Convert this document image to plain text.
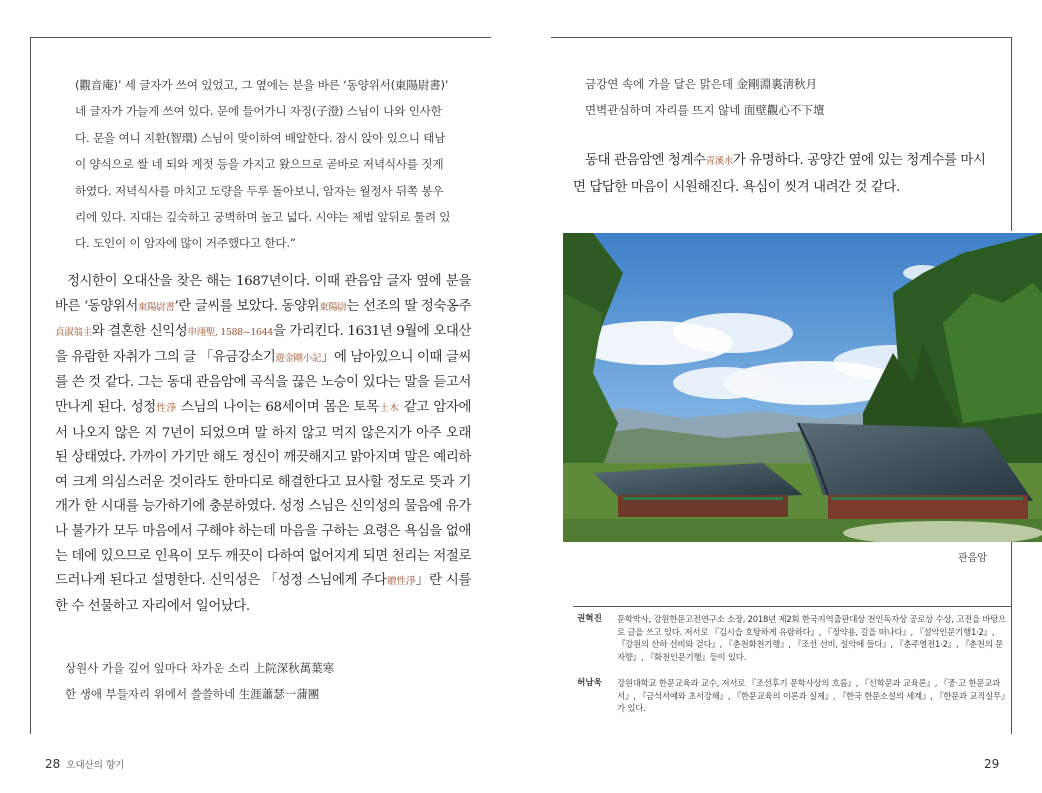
(觀音庵)’ 세 글자가 쓰여 있었고, 그 옆에는 분을 바른 ‘동양위서(東陽尉書)’
네 글자가 가늘게 쓰여 있다. 문에 들어가니 자징(子澄) 스님이 나와 인사한
다. 문을 여니 지환(智環) 스님이 맞이하여 배알한다. 잠시 앉아 있으니 태남
이 양식으로 쌀 네 되와 게젓 등을 가지고 왔으므로 곧바로 저녁식사를 짓게
하였다. 저녁식사를 마치고 도량을 두루 돌아보니, 암자는 월정사 뒤쪽 봉우
리에 있다. 지대는 깊숙하고 궁벽하며 높고 넓다. 시야는 제법 앞뒤로 툴려 있
다. 도인이 이 암자에 많이 거주했다고 한다.”

정시한이 오대산을 찾은 해는 1687년이다. 이때 관음암 글자 옆에 분을 바른 ‘동양위서東陽尉書’란 글씨를 보았다. 동양위東陽尉는 선조의 딸 정숙옹주貞淑翁主와 결혼한 신익성申翊聖, 1588~1644을 가리킨다. 1631년 9월에 오대산을 유람한 자취가 그의 글 「유금강소기遊金剛小記」에 남아있으니 이때 글씨를 쓴 것 같다. 그는 동대 관음암에 곡식을 끊은 노승이 있다는 말을 듣고서 만나게 된다. 성정性淨 스님의 나이는 68세이며 몸은 토목土木 같고 암자에서 나오지 않은 지 7년이 되었으며 말 하지 않고 먹지 않은지가 아주 오래 된 상태였다. 가까이 가기만 해도 정신이 깨끗해지고 맑아지며 말은 예리하여 크게 의심스러운 것이라도 한마디로 해결한다고 묘사할 정도로 뜻과 기개가 한 시대를 능가하기에 충분하였다. 성정 스님은 신익성의 물음에 유가나 불가가 모두 마음에서 구해야 하는데 마음을 구하는 요령은 욕심을 없애는 데에 있으므로 인욕이 모두 깨끗이 다하여 없어지게 되면 천리는 저절로 드러나게 된다고 설명한다. 신익성은 「성정 스님에게 주다贈性淨」란 시를 한 수 선물하고 자리에서 일어났다.

상원사 가을 깊어 잎마다 차가운 소리 上院深秋萬葉寒
한 생애 부들자리 위에서 쓸쓸하네 生涯蕭瑟一蒲團
28 오대산의 향기
금강연 속에 가을 달은 맑은데 金剛淵裏淸秋月
면벽관심하며 자리를 뜨지 않네 面壁觀心不下壇

동대 관음암엔 청계수靑溪水가 유명하다. 공양간 옆에 있는 청계수를 마시면 답답한 마음이 시원해진다. 욕심이 씻겨 내려간 것 같다.

관음암
권혁진 문학박사, 강원한문고전연구소 소장, 2018년 제2회 한국지역출판대상 천인독자상 공로상 수상, 고전을 바탕으로 글을 쓰고 있다. 저서로 『김시습 호탕하게 유람하다』, 『정약용, 길을 떠나다』, 『설악인문기행1·2』, 『강원의 산하 선비와 걷다』, 『춘천화천기행』, 『조선 선비, 설악에 들다』, 『춘주열전1·2』, 『춘천의 문자향』, 『화천인문기행』등이 있다.
허남욱 강원대학교 한문교육과 교수, 저서로 『조선후기 문학사상의 흐름』, 『신학문과 교육론』, 『중·고 한문교과서』, 『금석서예와 초서강해』, 『한문교육의 이론과 실제』, 『한국 한문소설의 세계』, 『한문과 교직실무』가 있다.
29
